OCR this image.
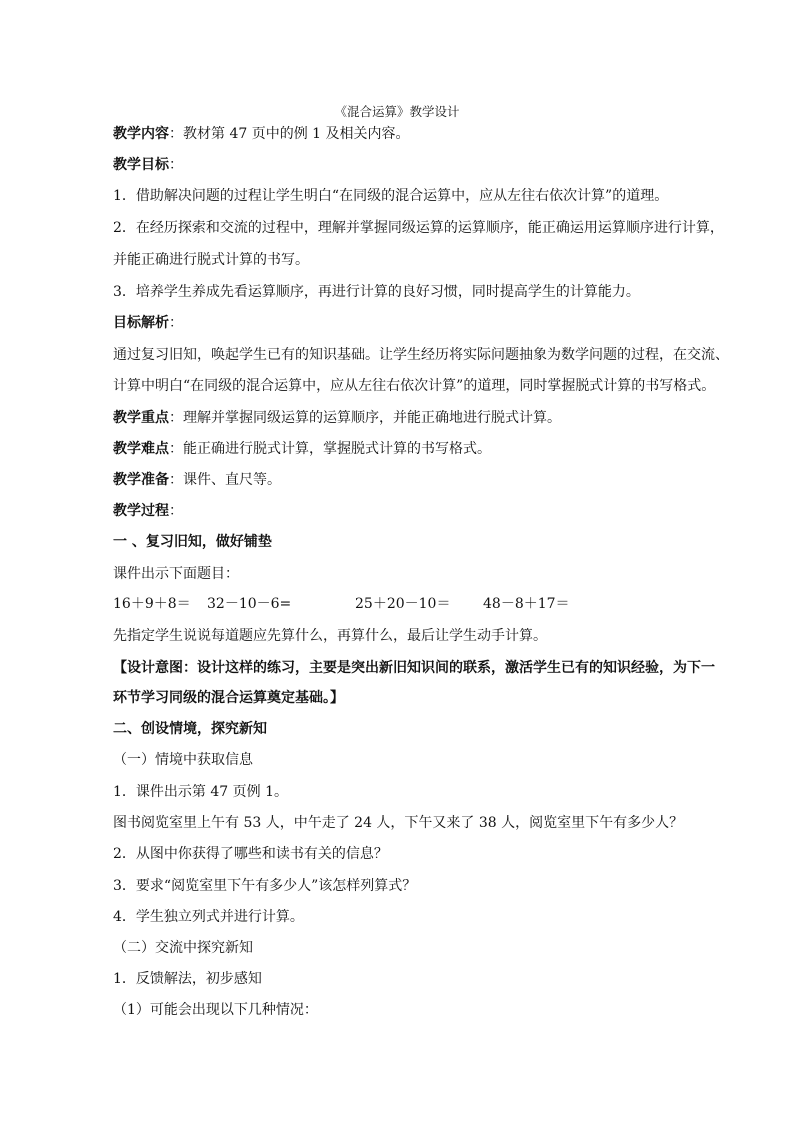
《混合运算》教学设计
教学内容：教材第 47 页中的例 1 及相关内容。
教学目标：
1．借助解决问题的过程让学生明白“在同级的混合运算中，应从左往右依次计算”的道理。
2．在经历探索和交流的过程中，理解并掌握同级运算的运算顺序，能正确运用运算顺序进行计算，
并能正确进行脱式计算的书写。
3．培养学生养成先看运算顺序，再进行计算的良好习惯，同时提高学生的计算能力。
目标解析：
通过复习旧知，唤起学生已有的知识基础。让学生经历将实际问题抽象为数学问题的过程，在交流、
计算中明白“在同级的混合运算中，应从左往右依次计算”的道理，同时掌握脱式计算的书写格式。
教学重点：理解并掌握同级运算的运算顺序，并能正确地进行脱式计算。
教学难点：能正确进行脱式计算，掌握脱式计算的书写格式。
教学准备：课件、直尺等。
教学过程：
一 、复习旧知，做好铺垫
课件出示下面题目：
16＋9＋8＝ 32－10－6=	25＋20－10＝ 48－8＋17＝
先指定学生说说每道题应先算什么，再算什么，最后让学生动手计算。
【设计意图：设计这样的练习，主要是突出新旧知识间的联系，激活学生已有的知识经验，为下一
环节学习同级的混合运算奠定基础。】
二、创设情境，探究新知
（一）情境中获取信息
1．课件出示第 47 页例 1。
图书阅览室里上午有 53 人，中午走了 24 人，下午又来了 38 人，阅览室里下午有多少人？
2．从图中你获得了哪些和读书有关的信息？
3．要求“阅览室里下午有多少人”该怎样列算式？
4．学生独立列式并进行计算。
（二）交流中探究新知
1．反馈解法，初步感知
（1）可能会出现以下几种情况：
